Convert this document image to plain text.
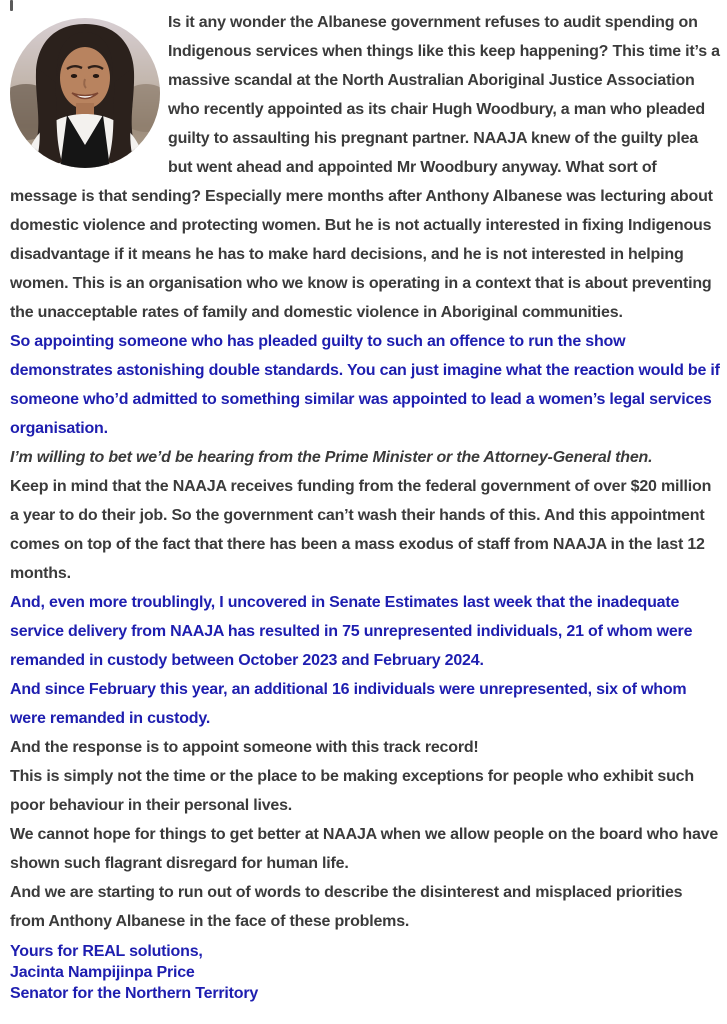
Is it any wonder the Albanese government refuses to audit spending on Indigenous services when things like this keep happening? This time it’s a massive scandal at the North Australian Aboriginal Justice Association who recently appointed as its chair Hugh Woodbury, a man who pleaded guilty to assaulting his pregnant partner. NAAJA knew of the guilty plea but went ahead and appointed Mr Woodbury anyway. What sort of message is that sending? Especially mere months after Anthony Albanese was lecturing about domestic violence and protecting women. But he is not actually interested in fixing Indigenous disadvantage if it means he has to make hard decisions, and he is not interested in helping women. This is an organisation who we know is operating in a context that is about preventing the unacceptable rates of family and domestic violence in Aboriginal communities.

So appointing someone who has pleaded guilty to such an offence to run the show demonstrates astonishing double standards. You can just imagine what the reaction would be if someone who’d admitted to something similar was appointed to lead a women’s legal services organisation.

I’m willing to bet we’d be hearing from the Prime Minister or the Attorney-General then.

Keep in mind that the NAAJA receives funding from the federal government of over $20 million a year to do their job. So the government can’t wash their hands of this. And this appointment comes on top of the fact that there has been a mass exodus of staff from NAAJA in the last 12 months.

And, even more troublingly, I uncovered in Senate Estimates last week that the inadequate service delivery from NAAJA has resulted in 75 unrepresented individuals, 21 of whom were remanded in custody between October 2023 and February 2024.

And since February this year, an additional 16 individuals were unrepresented, six of whom were remanded in custody.

And the response is to appoint someone with this track record!

This is simply not the time or the place to be making exceptions for people who exhibit such poor behaviour in their personal lives.

We cannot hope for things to get better at NAAJA when we allow people on the board who have shown such flagrant disregard for human life.

And we are starting to run out of words to describe the disinterest and misplaced priorities from Anthony Albanese in the face of these problems.

Yours for REAL solutions,

Jacinta Nampijinpa Price

Senator for the Northern Territory
